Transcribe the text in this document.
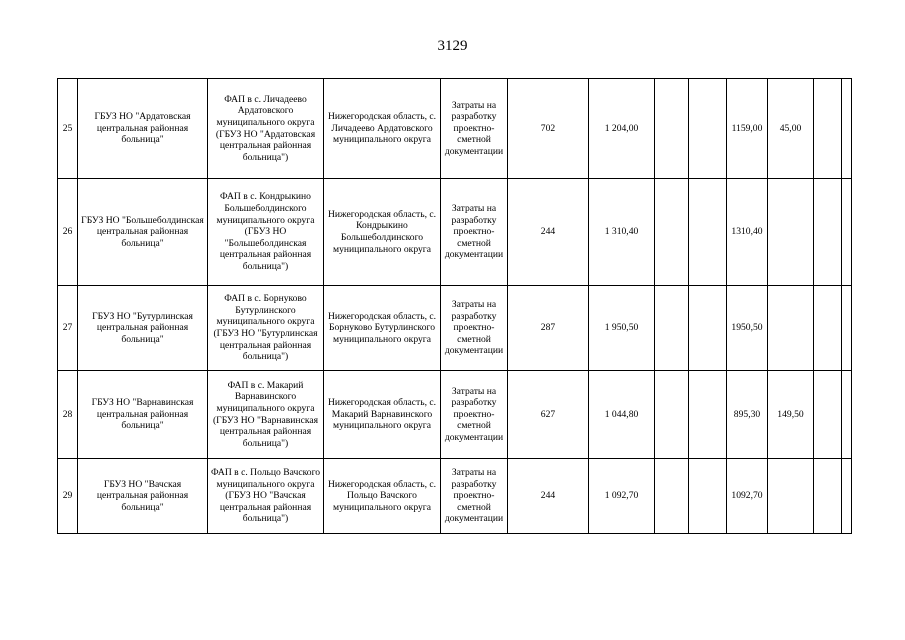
3129
25	ГБУЗ НО "Ардатовская центральная районная больница"	ФАП в с. Личадеево Ардатовского муниципального округа (ГБУЗ НО "Ардатовская центральная районная больница")	Нижегородская область, с. Личадеево Ардатовского муниципального округа	Затраты на разработку проектно-сметной документации	702	1 204,00			1159,00	45,00		
26	ГБУЗ НО "Большеболдинская центральная районная больница"	ФАП в с. Кондрыкино Большеболдинского муниципального округа (ГБУЗ НО "Большеболдинская центральная районная больница")	Нижегородская область, с. Кондрыкино Большеболдинского муниципального округа	Затраты на разработку проектно-сметной документации	244	1 310,40			1310,40			
27	ГБУЗ НО "Бутурлинская центральная районная больница"	ФАП в с. Борнуково Бутурлинского муниципального округа (ГБУЗ НО "Бутурлинская центральная районная больница")	Нижегородская область, с. Борнуково Бутурлинского муниципального округа	Затраты на разработку проектно-сметной документации	287	1 950,50			1950,50			
28	ГБУЗ НО "Варнавинская центральная районная больница"	ФАП в с. Макарий Варнавинского муниципального округа (ГБУЗ НО "Варнавинская центральная районная больница")	Нижегородская область, с. Макарий Варнавинского муниципального округа	Затраты на разработку проектно-сметной документации	627	1 044,80			895,30	149,50		
29	ГБУЗ НО "Вачская центральная районная больница"	ФАП в с. Польцо Вачского муниципального округа (ГБУЗ НО "Вачская центральная районная больница")	Нижегородская область, с. Польцо Вачского муниципального округа	Затраты на разработку проектно-сметной документации	244	1 092,70			1092,70			
